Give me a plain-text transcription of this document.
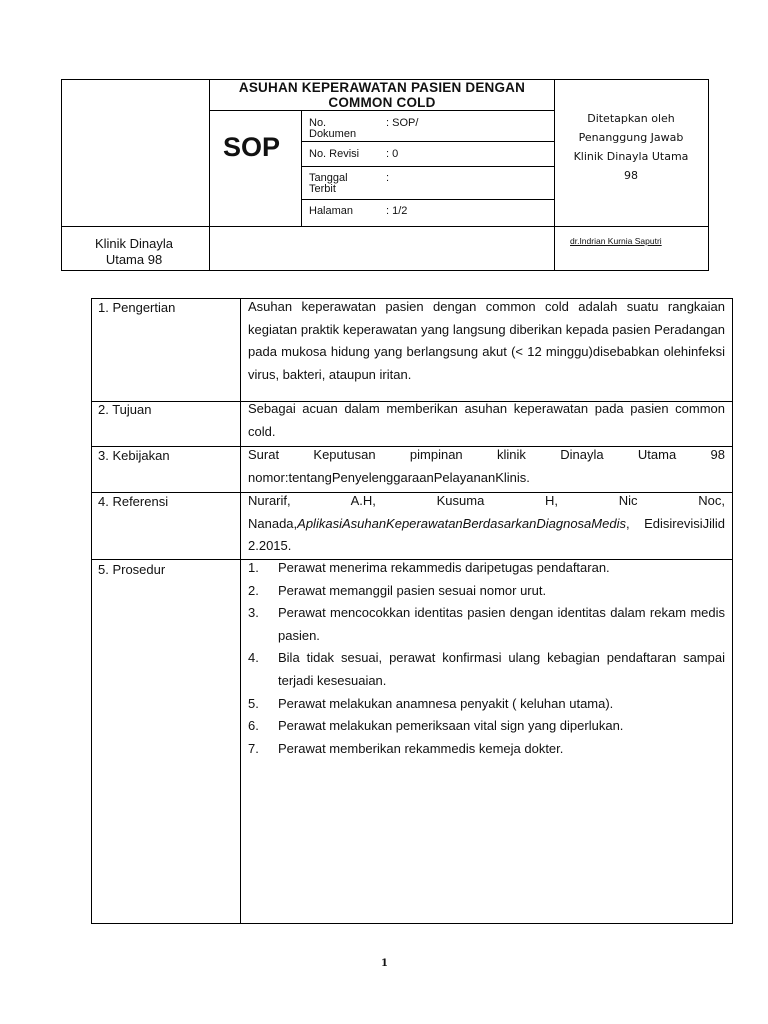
ASUHAN KEPERAWATAN PASIEN DENGAN COMMON COLD
SOP
No. Dokumen
: SOP/
No. Revisi : 0
Tanggal Terbit
:
Halaman	: 1/2
Ditetapkan oleh Penanggung Jawab Klinik Dinayla Utama 98
Klinik Dinayla Utama 98
dr.Indrian Kurnia Saputri
1. Pengertian	Asuhan keperawatan pasien dengan common cold adalah suatu rangkaian kegiatan praktik keperawatan yang langsung diberikan kepada pasien Peradangan pada mukosa hidung yang berlangsung akut (< 12 minggu)disebabkan olehinfeksi virus, bakteri, ataupun iritan.
2. Tujuan	Sebagai acuan dalam memberikan asuhan keperawatan pada pasien common cold.
3. Kebijakan	Surat Keputusan pimpinan klinik Dinayla Utama 98 nomor:tentangPenyelenggaraanPelayananKlinis.
4. Referensi	Nurarif, A.H, Kusuma H, Nic Noc, Nanada,AplikasiAsuhanKeperawatanBerdasarkanDiagnosaMedis, EdisirevisiJilid 2.2015.
5. Prosedur	1. Perawat menerima rekammedis daripetugas pendaftaran.
2. Perawat memanggil pasien sesuai nomor urut.
3. Perawat mencocokkan identitas pasien dengan identitas dalam rekam medis pasien.
4. Bila tidak sesuai, perawat konfirmasi ulang kebagian pendaftaran sampai terjadi kesesuaian.
5. Perawat melakukan anamnesa penyakit ( keluhan utama).
6. Perawat melakukan pemeriksaan vital sign yang diperlukan.
7. Perawat memberikan rekammedis kemeja dokter.
1
